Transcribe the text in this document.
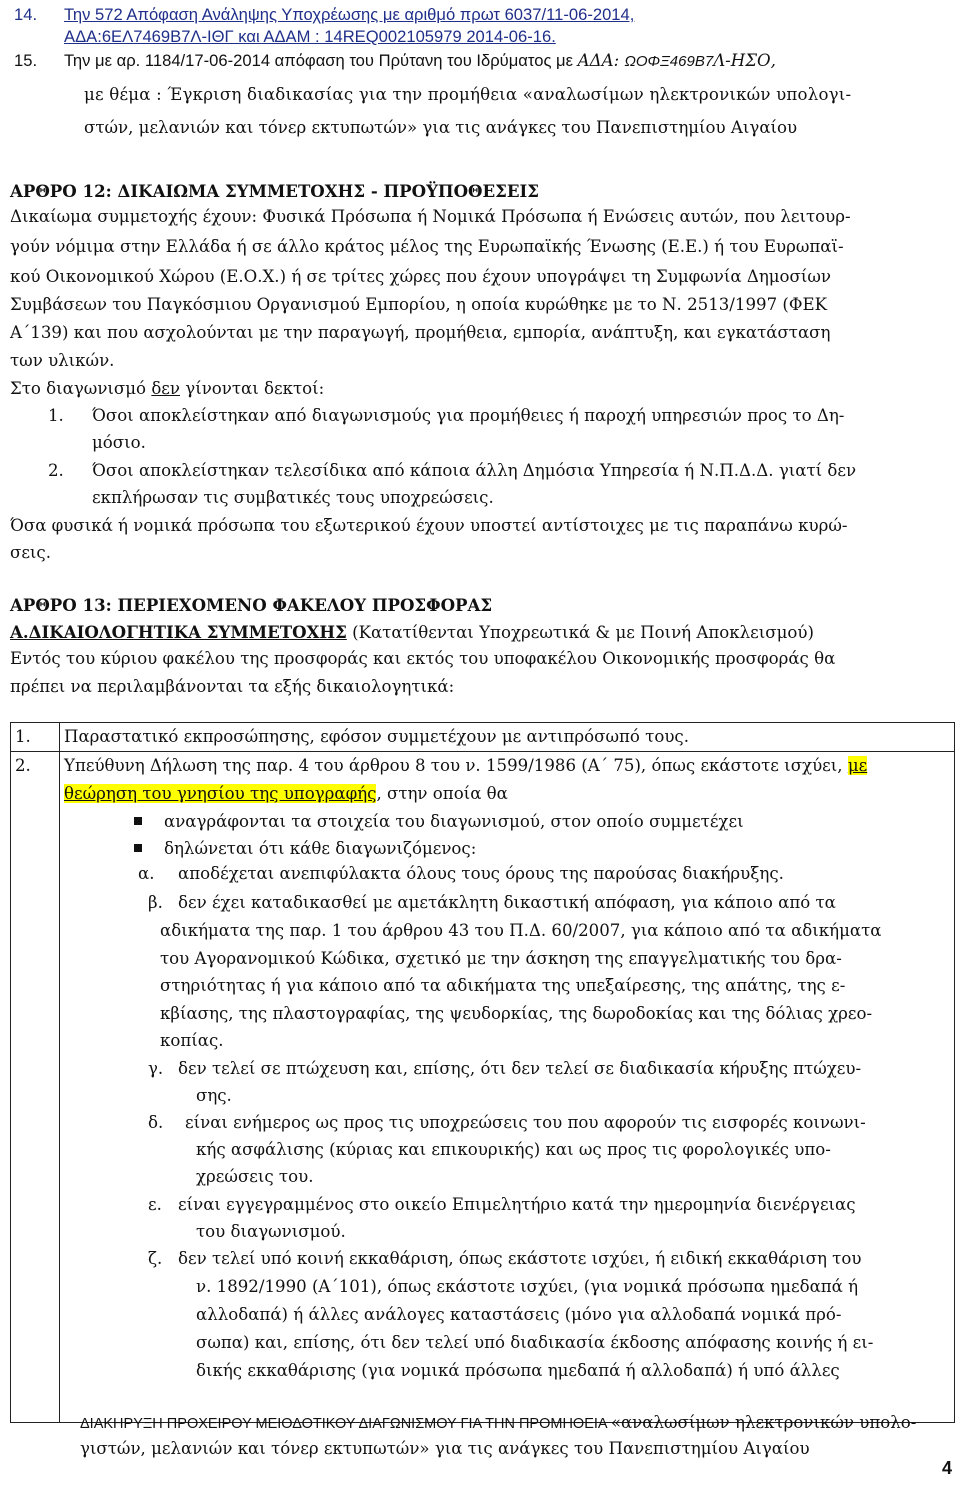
14. Την 572 Απόφαση Ανάληψης Υποχρέωσης με αριθμό πρωτ 6037/11-06-2014,
ΑΔΑ:6ΕΛ7469Β7Λ-ΙΘΓ και ΑΔΑΜ : 14REQ002105979 2014-06-16.
15. Την με αρ. 1184/17-06-2014 απόφαση του Πρύτανη του Ιδρύματος με ΑΔΑ: ΩΟΦΞ469Β7Λ-ΗΣΟ,
με θέμα : Έγκριση διαδικασίας για την προμήθεια «αναλωσίμων ηλεκτρονικών υπολογι-
στών, μελανιών και τόνερ εκτυπωτών» για τις ανάγκες του Πανεπιστημίου Αιγαίου
ΑΡΘΡΟ 12: ΔΙΚΑΙΩΜΑ ΣΥΜΜΕΤΟΧΗΣ - ΠΡΟΫΠΟΘΕΣΕΙΣ
Δικαίωμα συμμετοχής έχουν: Φυσικά Πρόσωπα ή Νομικά Πρόσωπα ή Ενώσεις αυτών, που λειτουρ-
γούν νόμιμα στην Ελλάδα ή σε άλλο κράτος μέλος της Ευρωπαϊκής Ένωσης (Ε.Ε.) ή του Ευρωπαϊ-
κού Οικονομικού Χώρου (Ε.Ο.Χ.) ή σε τρίτες χώρες που έχουν υπογράψει τη Συμφωνία Δημοσίων
Συμβάσεων του Παγκόσμιου Οργανισμού Εμπορίου, η οποία κυρώθηκε με το Ν. 2513/1997 (ΦΕΚ
Α΄139) και που ασχολούνται με την παραγωγή, προμήθεια, εμπορία, ανάπτυξη, και εγκατάσταση
των υλικών.
Στο διαγωνισμό δεν γίνονται δεκτοί:
1. Όσοι αποκλείστηκαν από διαγωνισμούς για προμήθειες ή παροχή υπηρεσιών προς το Δη-
μόσιο.
2. Όσοι αποκλείστηκαν τελεσίδικα από κάποια άλλη Δημόσια Υπηρεσία ή Ν.Π.Δ.Δ. γιατί δεν
εκπλήρωσαν τις συμβατικές τους υποχρεώσεις.
Όσα φυσικά ή νομικά πρόσωπα του εξωτερικού έχουν υποστεί αντίστοιχες με τις παραπάνω κυρώ-
σεις.
ΑΡΘΡΟ 13: ΠΕΡΙΕΧΟΜΕΝΟ ΦΑΚΕΛΟΥ ΠΡΟΣΦΟΡΑΣ
Α.ΔΙΚΑΙΟΛΟΓΗΤΙΚΑ ΣΥΜΜΕΤΟΧΗΣ (Κατατίθενται Υποχρεωτικά & με Ποινή Αποκλεισμού)
Εντός του κύριου φακέλου της προσφοράς και εκτός του υποφακέλου Οικονομικής προσφοράς θα
πρέπει να περιλαμβάνονται τα εξής δικαιολογητικά:
1.	Παραστατικό εκπροσώπησης, εφόσον συμμετέχουν με αντιπρόσωπό τους.
2.	Υπεύθυνη Δήλωση της παρ. 4 του άρθρου 8 του ν. 1599/1986 (Α΄ 75), όπως εκάστοτε ισχύει, με
θεώρηση του γνησίου της υπογραφής, στην οποία θα
αναγράφονται τα στοιχεία του διαγωνισμού, στον οποίο συμμετέχει
δηλώνεται ότι κάθε διαγωνιζόμενος:
α. αποδέχεται ανεπιφύλακτα όλους τους όρους της παρούσας διακήρυξης.
β. δεν έχει καταδικασθεί με αμετάκλητη δικαστική απόφαση, για κάποιο από τα
αδικήματα της παρ. 1 του άρθρου 43 του Π.Δ. 60/2007, για κάποιο από τα αδικήματα
του Αγορανομικού Κώδικα, σχετικό με την άσκηση της επαγγελματικής του δρα-
στηριότητας ή για κάποιο από τα αδικήματα της υπεξαίρεσης, της απάτης, της ε-
κβίασης, της πλαστογραφίας, της ψευδορκίας, της δωροδοκίας και της δόλιας χρεο-
κοπίας.
γ. δεν τελεί σε πτώχευση και, επίσης, ότι δεν τελεί σε διαδικασία κήρυξης πτώχευ-
σης.
δ. είναι ενήμερος ως προς τις υποχρεώσεις του που αφορούν τις εισφορές κοινωνι-
κής ασφάλισης (κύριας και επικουρικής) και ως προς τις φορολογικές υπο-
χρεώσεις του.
ε. είναι εγγεγραμμένος στο οικείο Επιμελητήριο κατά την ημερομηνία διενέργειας
του διαγωνισμού.
ζ. δεν τελεί υπό κοινή εκκαθάριση, όπως εκάστοτε ισχύει, ή ειδική εκκαθάριση του
ν. 1892/1990 (Α΄101), όπως εκάστοτε ισχύει, (για νομικά πρόσωπα ημεδαπά ή
αλλοδαπά) ή άλλες ανάλογες καταστάσεις (μόνο για αλλοδαπά νομικά πρό-
σωπα) και, επίσης, ότι δεν τελεί υπό διαδικασία έκδοσης απόφασης κοινής ή ει-
δικής εκκαθάρισης (για νομικά πρόσωπα ημεδαπά ή αλλοδαπά) ή υπό άλλες
ΔΙΑΚΗΡΥΞΗ ΠΡΟΧΕΙΡΟΥ ΜΕΙΟΔΟΤΙΚΟΥ ΔΙΑΓΩΝΙΣΜΟΥ ΓΙΑ ΤΗΝ ΠΡΟΜΗΘΕΙΑ «αναλωσίμων ηλεκτρονικών υπολο-
γιστών, μελανιών και τόνερ εκτυπωτών» για τις ανάγκες του Πανεπιστημίου Αιγαίου
4
